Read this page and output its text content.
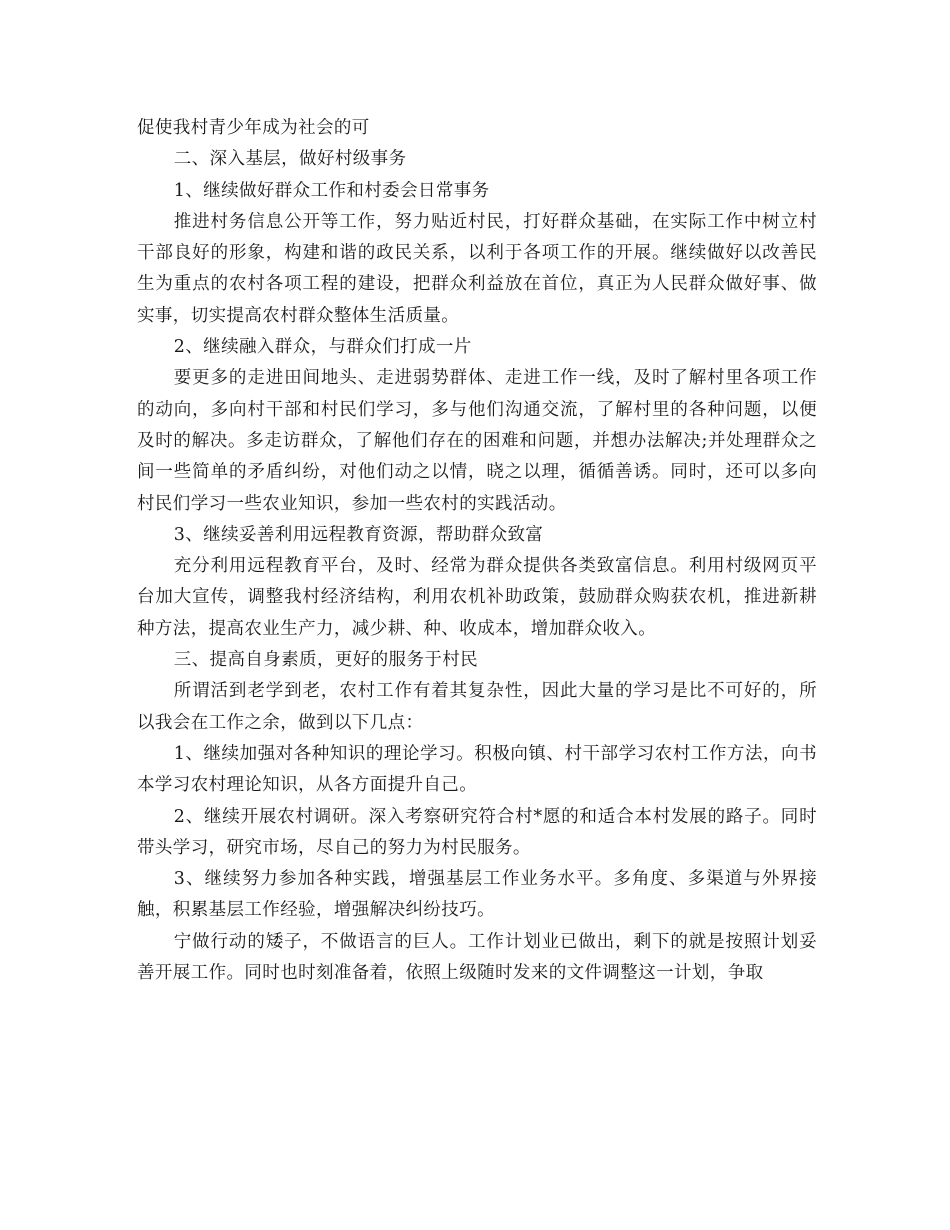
促使我村青少年成为社会的可

二、深入基层，做好村级事务

1、继续做好群众工作和村委会日常事务

推进村务信息公开等工作，努力贴近村民，打好群众基础，在实际工作中树立村干部良好的形象，构建和谐的政民关系，以利于各项工作的开展。继续做好以改善民生为重点的农村各项工程的建设，把群众利益放在首位，真正为人民群众做好事、做实事，切实提高农村群众整体生活质量。

2、继续融入群众，与群众们打成一片

要更多的走进田间地头、走进弱势群体、走进工作一线，及时了解村里各项工作的动向，多向村干部和村民们学习，多与他们沟通交流，了解村里的各种问题，以便及时的解决。多走访群众，了解他们存在的困难和问题，并想办法解决;并处理群众之间一些简单的矛盾纠纷，对他们动之以情，晓之以理，循循善诱。同时，还可以多向村民们学习一些农业知识，参加一些农村的实践活动。

3、继续妥善利用远程教育资源，帮助群众致富

充分利用远程教育平台，及时、经常为群众提供各类致富信息。利用村级网页平台加大宣传，调整我村经济结构，利用农机补助政策，鼓励群众购获农机，推进新耕种方法，提高农业生产力，减少耕、种、收成本，增加群众收入。

三、提高自身素质，更好的服务于村民

所谓活到老学到老，农村工作有着其复杂性，因此大量的学习是比不可好的，所以我会在工作之余，做到以下几点：

1、继续加强对各种知识的理论学习。积极向镇、村干部学习农村工作方法，向书本学习农村理论知识，从各方面提升自己。

2、继续开展农村调研。深入考察研究符合村*愿的和适合本村发展的路子。同时带头学习，研究市场，尽自己的努力为村民服务。

3、继续努力参加各种实践，增强基层工作业务水平。多角度、多渠道与外界接触，积累基层工作经验，增强解决纠纷技巧。

宁做行动的矮子，不做语言的巨人。工作计划业已做出，剩下的就是按照计划妥善开展工作。同时也时刻准备着，依照上级随时发来的文件调整这一计划，争取
